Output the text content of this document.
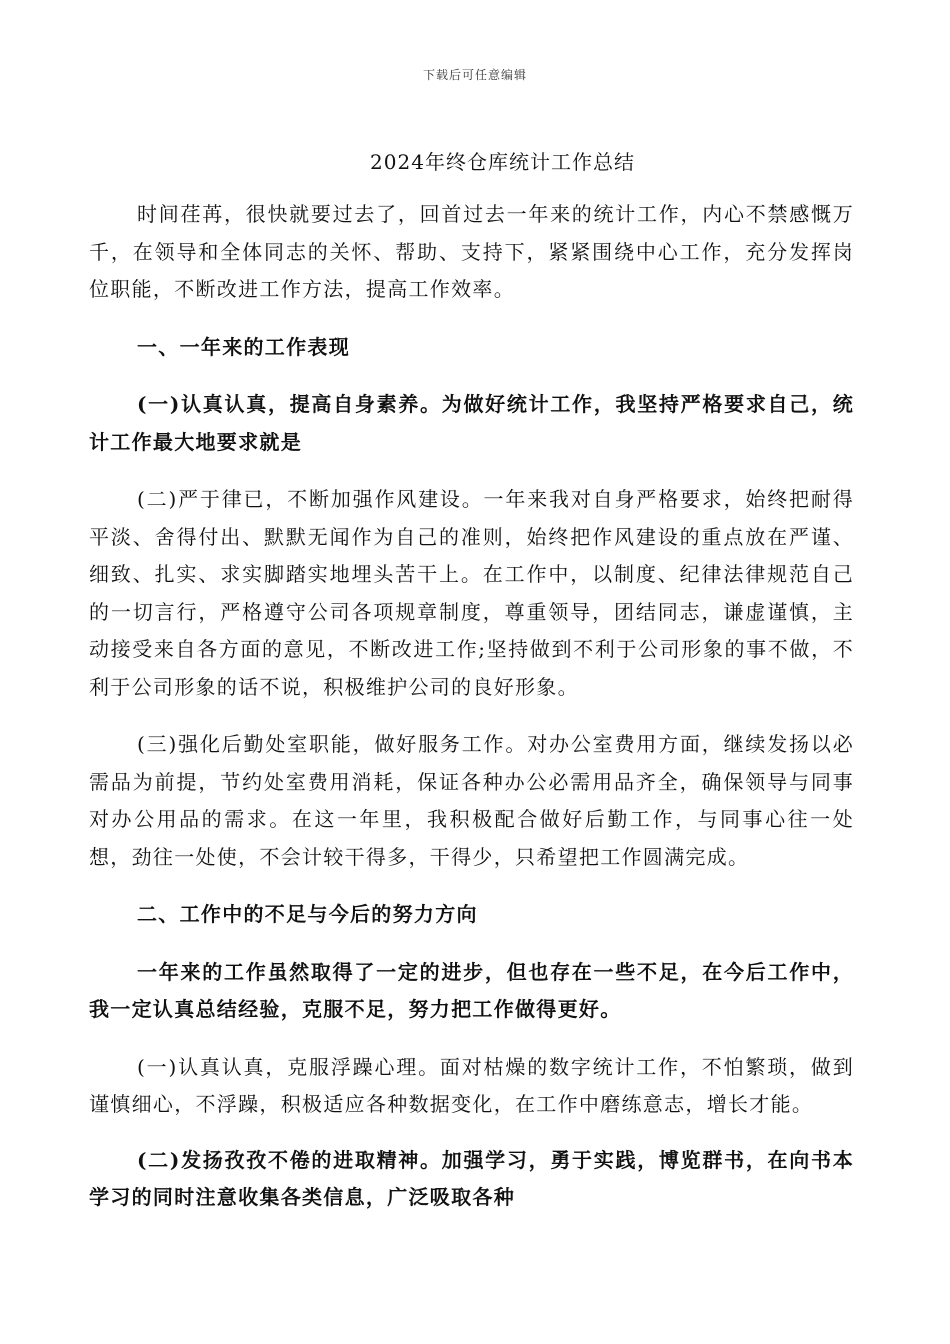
下载后可任意编辑
2024年终仓库统计工作总结

时间荏苒，很快就要过去了，回首过去一年来的统计工作，内心不禁感慨万千，在领导和全体同志的关怀、帮助、支持下，紧紧围绕中心工作，充分发挥岗位职能，不断改进工作方法，提高工作效率。

一、一年来的工作表现

(一)认真认真，提高自身素养。为做好统计工作，我坚持严格要求自己，统计工作最大地要求就是

(二)严于律已，不断加强作风建设。一年来我对自身严格要求，始终把耐得平淡、舍得付出、默默无闻作为自己的准则，始终把作风建设的重点放在严谨、细致、扎实、求实脚踏实地埋头苦干上。在工作中，以制度、纪律法律规范自己的一切言行，严格遵守公司各项规章制度，尊重领导，团结同志，谦虚谨慎，主动接受来自各方面的意见，不断改进工作;坚持做到不利于公司形象的事不做，不利于公司形象的话不说，积极维护公司的良好形象。

(三)强化后勤处室职能，做好服务工作。对办公室费用方面，继续发扬以必需品为前提，节约处室费用消耗，保证各种办公必需用品齐全，确保领导与同事对办公用品的需求。在这一年里，我积极配合做好后勤工作，与同事心往一处想，劲往一处使，不会计较干得多，干得少，只希望把工作圆满完成。

二、工作中的不足与今后的努力方向

一年来的工作虽然取得了一定的进步，但也存在一些不足，在今后工作中，我一定认真总结经验，克服不足，努力把工作做得更好。

(一)认真认真，克服浮躁心理。面对枯燥的数字统计工作，不怕繁琐，做到谨慎细心，不浮躁，积极适应各种数据变化，在工作中磨练意志，增长才能。

(二)发扬孜孜不倦的进取精神。加强学习，勇于实践，博览群书，在向书本学习的同时注意收集各类信息，广泛吸取各种
